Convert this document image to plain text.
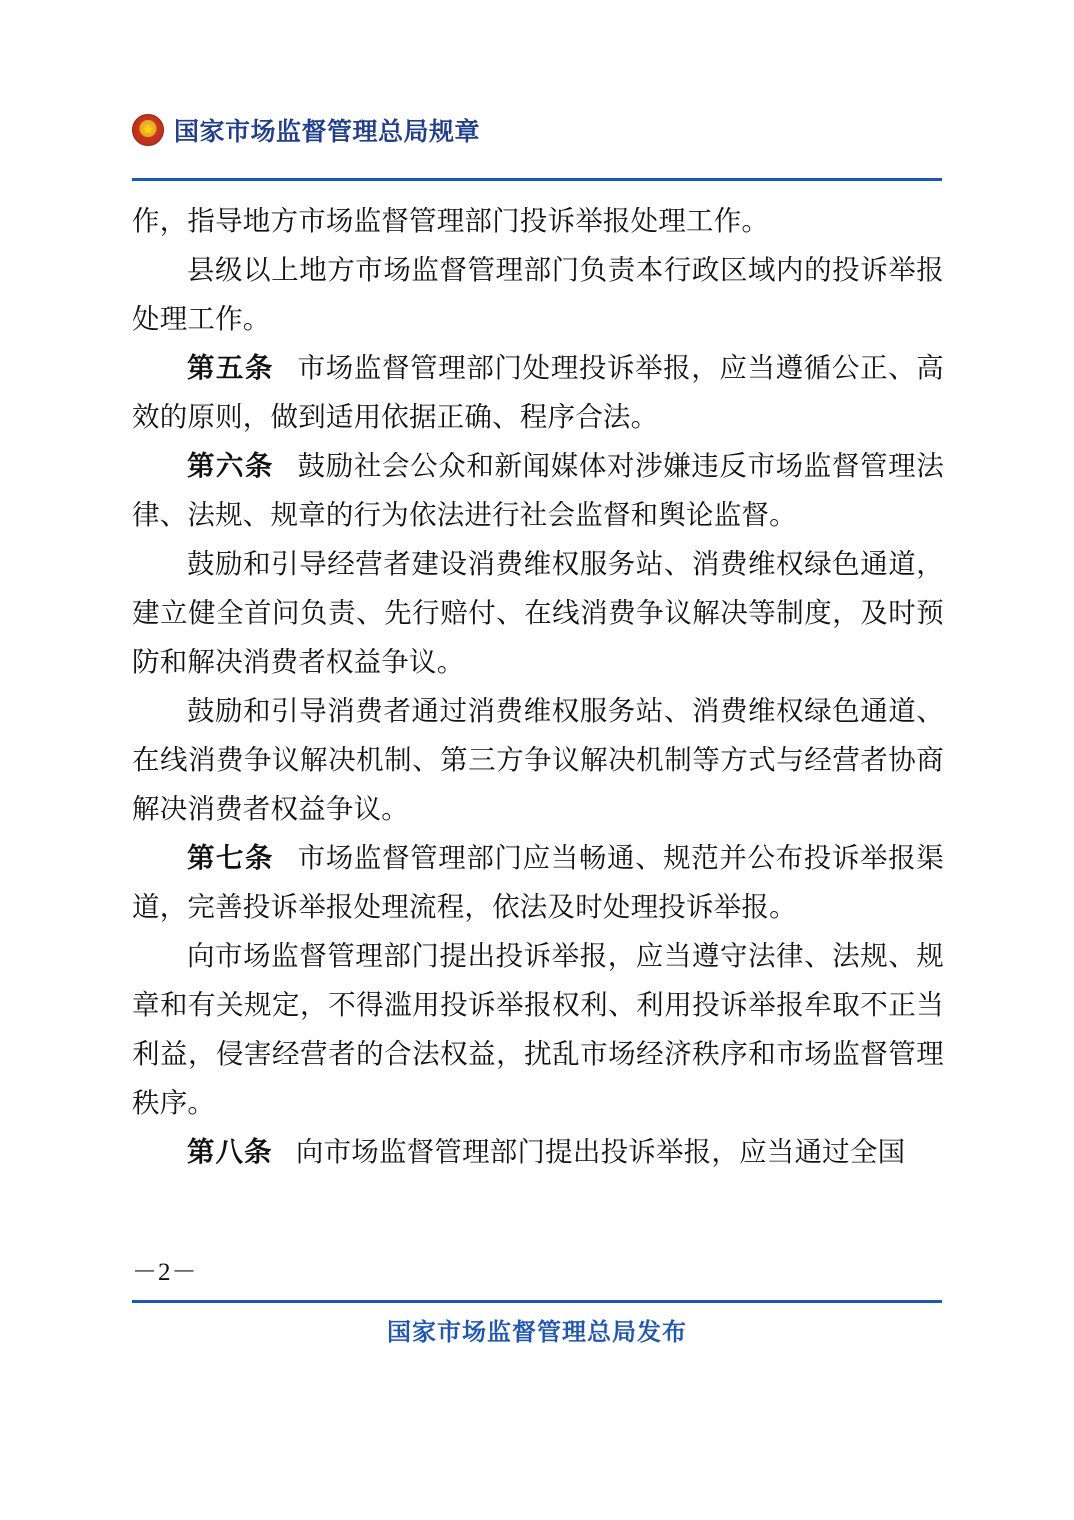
★
国家市场监督管理总局规章

作，指导地方市场监督管理部门投诉举报处理工作。

县级以上地方市场监督管理部门负责本行政区域内的投诉举报处理工作。

第五条 市场监督管理部门处理投诉举报，应当遵循公正、高效的原则，做到适用依据正确、程序合法。

第六条 鼓励社会公众和新闻媒体对涉嫌违反市场监督管理法律、法规、规章的行为依法进行社会监督和舆论监督。

鼓励和引导经营者建设消费维权服务站、消费维权绿色通道，建立健全首问负责、先行赔付、在线消费争议解决等制度，及时预防和解决消费者权益争议。

鼓励和引导消费者通过消费维权服务站、消费维权绿色通道、在线消费争议解决机制、第三方争议解决机制等方式与经营者协商解决消费者权益争议。

第七条 市场监督管理部门应当畅通、规范并公布投诉举报渠道，完善投诉举报处理流程，依法及时处理投诉举报。

向市场监督管理部门提出投诉举报，应当遵守法律、法规、规章和有关规定，不得滥用投诉举报权利、利用投诉举报牟取不正当利益，侵害经营者的合法权益，扰乱市场经济秩序和市场监督管理秩序。

第八条 向市场监督管理部门提出投诉举报，应当通过全国

－2－
国家市场监督管理总局发布
